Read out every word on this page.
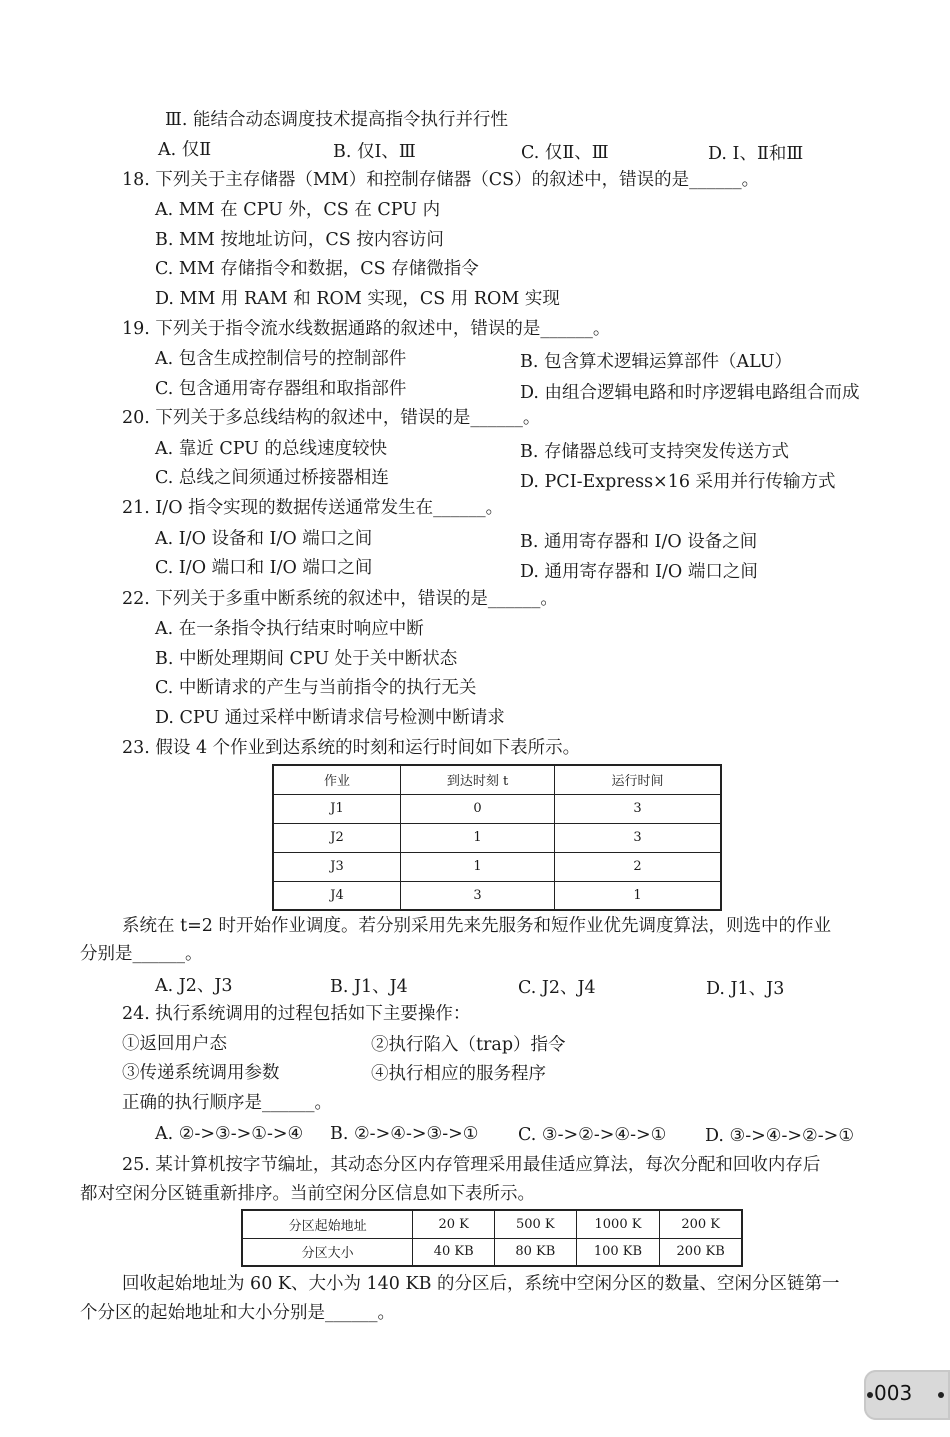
Ⅲ. 能结合动态调度技术提高指令执行并行性
A. 仅Ⅱ	B. 仅Ⅰ、Ⅲ	C. 仅Ⅱ、Ⅲ	D. Ⅰ、Ⅱ和Ⅲ
18. 下列关于主存储器（MM）和控制存储器（CS）的叙述中，错误的是______。
A. MM 在 CPU 外，CS 在 CPU 内
B. MM 按地址访问，CS 按内容访问
C. MM 存储指令和数据，CS 存储微指令
D. MM 用 RAM 和 ROM 实现，CS 用 ROM 实现
19. 下列关于指令流水线数据通路的叙述中，错误的是______。
A. 包含生成控制信号的控制部件	B. 包含算术逻辑运算部件（ALU）
C. 包含通用寄存器组和取指部件	D. 由组合逻辑电路和时序逻辑电路组合而成
20. 下列关于多总线结构的叙述中，错误的是______。
A. 靠近 CPU 的总线速度较快	B. 存储器总线可支持突发传送方式
C. 总线之间须通过桥接器相连	D. PCI-Express×16 采用并行传输方式
21. I/O 指令实现的数据传送通常发生在______。
A. I/O 设备和 I/O 端口之间	B. 通用寄存器和 I/O 设备之间
C. I/O 端口和 I/O 端口之间	D. 通用寄存器和 I/O 端口之间
22. 下列关于多重中断系统的叙述中，错误的是______。
A. 在一条指令执行结束时响应中断
B. 中断处理期间 CPU 处于关中断状态
C. 中断请求的产生与当前指令的执行无关
D. CPU 通过采样中断请求信号检测中断请求
23. 假设 4 个作业到达系统的时刻和运行时间如下表所示。
作业	到达时刻 t	运行时间
J1	0	3
J2	1	3
J3	1	2
J4	3	1
系统在 t=2 时开始作业调度。若分别采用先来先服务和短作业优先调度算法，则选中的作业
分别是______。
A. J2、J3	B. J1、J4	C. J2、J4	D. J1、J3
24. 执行系统调用的过程包括如下主要操作：
①返回用户态	②执行陷入（trap）指令
③传递系统调用参数	④执行相应的服务程序
正确的执行顺序是______。
A. ②->③->①->④ B. ②->④->③->① C. ③->②->④->① D. ③->④->②->①
25. 某计算机按字节编址，其动态分区内存管理采用最佳适应算法，每次分配和回收内存后
都对空闲分区链重新排序。当前空闲分区信息如下表所示。
分区起始地址	20 K	500 K	1000 K	200 K
分区大小	40 KB	80 KB	100 KB	200 KB
回收起始地址为 60 K、大小为 140 KB 的分区后，系统中空闲分区的数量、空闲分区链第一
个分区的起始地址和大小分别是______。
003
